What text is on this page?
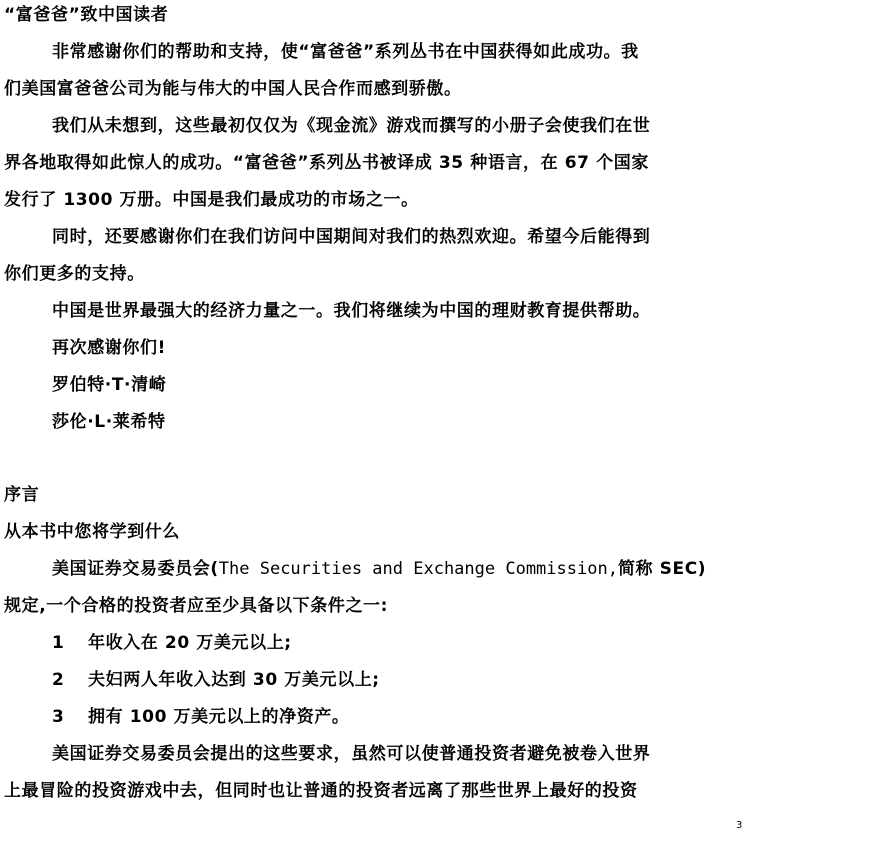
“富爸爸”致中国读者
非常感谢你们的帮助和支持，使“富爸爸”系列丛书在中国获得如此成功。我
们美国富爸爸公司为能与伟大的中国人民合作而感到骄傲。
我们从未想到，这些最初仅仅为《现金流》游戏而撰写的小册子会使我们在世
界各地取得如此惊人的成功。“富爸爸”系列丛书被译成 35 种语言，在 67 个国家
发行了 1300 万册。中国是我们最成功的市场之一。
同时，还要感谢你们在我们访问中国期间对我们的热烈欢迎。希望今后能得到
你们更多的支持。
中国是世界最强大的经济力量之一。我们将继续为中国的理财教育提供帮助。
再次感谢你们!
罗伯特·T·清崎
莎伦·L·莱希特
序言
从本书中您将学到什么
美国证券交易委员会(The Securities and Exchange Commission,简称 SEC)
规定,一个合格的投资者应至少具备以下条件之一:
1 年收入在 20 万美元以上;
2 夫妇两人年收入达到 30 万美元以上;
3 拥有 100 万美元以上的净资产。
美国证券交易委员会提出的这些要求，虽然可以使普通投资者避免被卷入世界
上最冒险的投资游戏中去，但同时也让普通的投资者远离了那些世界上最好的投资
3
